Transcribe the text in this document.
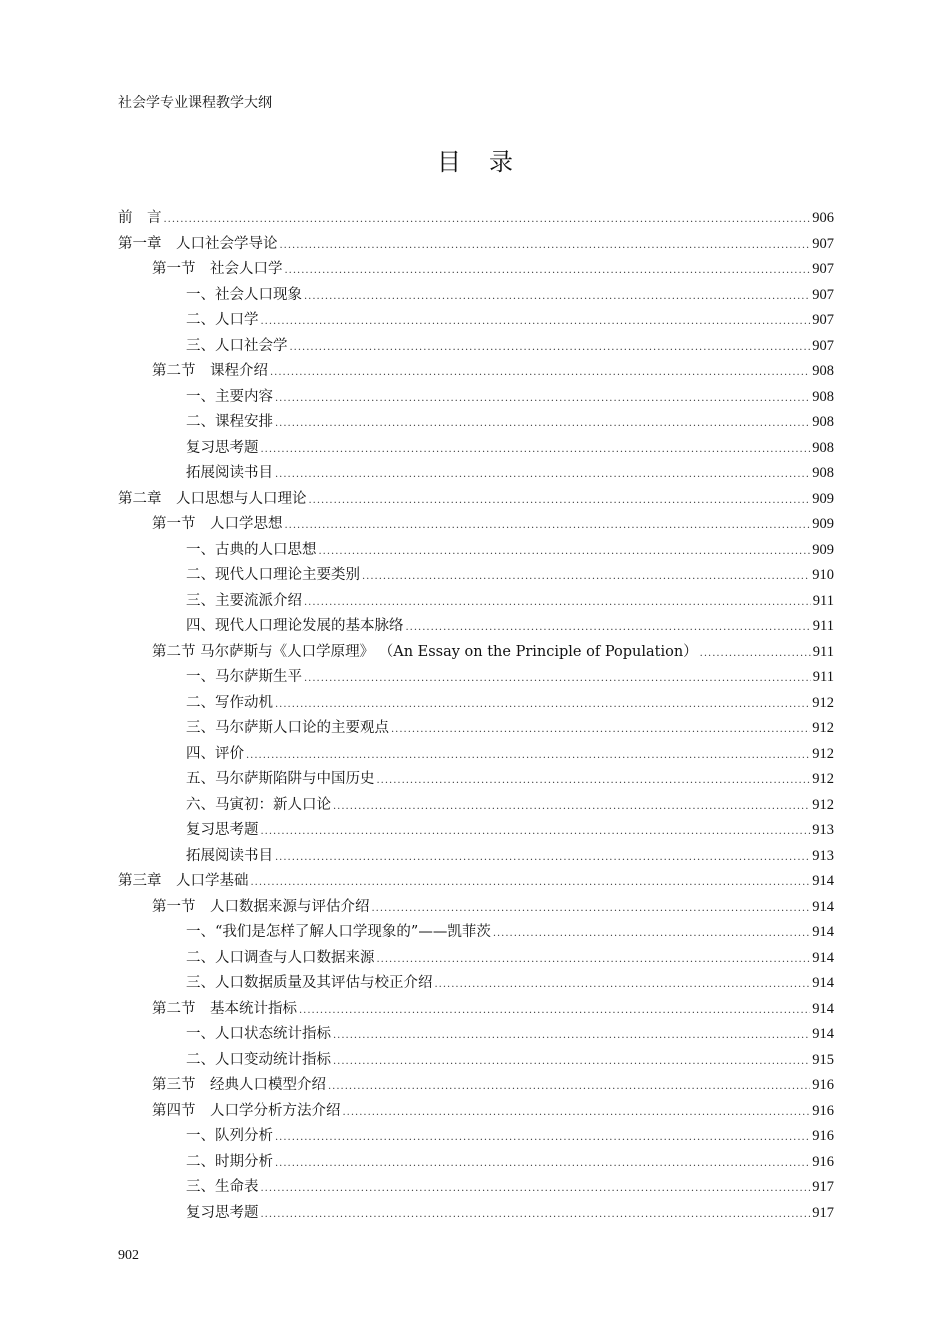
社会学专业课程教学大纲
目录
前　言 .....	906
第一章　人口社会学导论 .....	907
第一节　社会人口学 .....	907
一、社会人口现象 .....	907
二、人口学 .....	907
三、人口社会学 .....	907
第二节　课程介绍 .....	908
一、主要内容 .....	908
二、课程安排 .....	908
复习思考题 .....	908
拓展阅读书目 .....	908
第二章　人口思想与人口理论 .....	909
第一节　人口学思想 .....	909
一、古典的人口思想 .....	909
二、现代人口理论主要类别 .....	910
三、主要流派介绍 .....	911
四、现代人口理论发展的基本脉络 .....	911
第二节 马尔萨斯与《人口学原理》 （An Essay on the Principle of Population） .....	911
一、马尔萨斯生平 .....	911
二、写作动机 .....	912
三、马尔萨斯人口论的主要观点 .....	912
四、评价 .....	912
五、马尔萨斯陷阱与中国历史 .....	912
六、马寅初：新人口论 .....	912
复习思考题 .....	913
拓展阅读书目 .....	913
第三章　人口学基础 .....	914
第一节　人口数据来源与评估介绍 .....	914
一、“我们是怎样了解人口学现象的”——凯菲茨 .....	914
二、人口调查与人口数据来源 .....	914
三、人口数据质量及其评估与校正介绍 .....	914
第二节　基本统计指标 .....	914
一、人口状态统计指标 .....	914
二、人口变动统计指标 .....	915
第三节　经典人口模型介绍 .....	916
第四节　人口学分析方法介绍 .....	916
一、队列分析 .....	916
二、时期分析 .....	916
三、生命表 .....	917
复习思考题 .....	917
902
